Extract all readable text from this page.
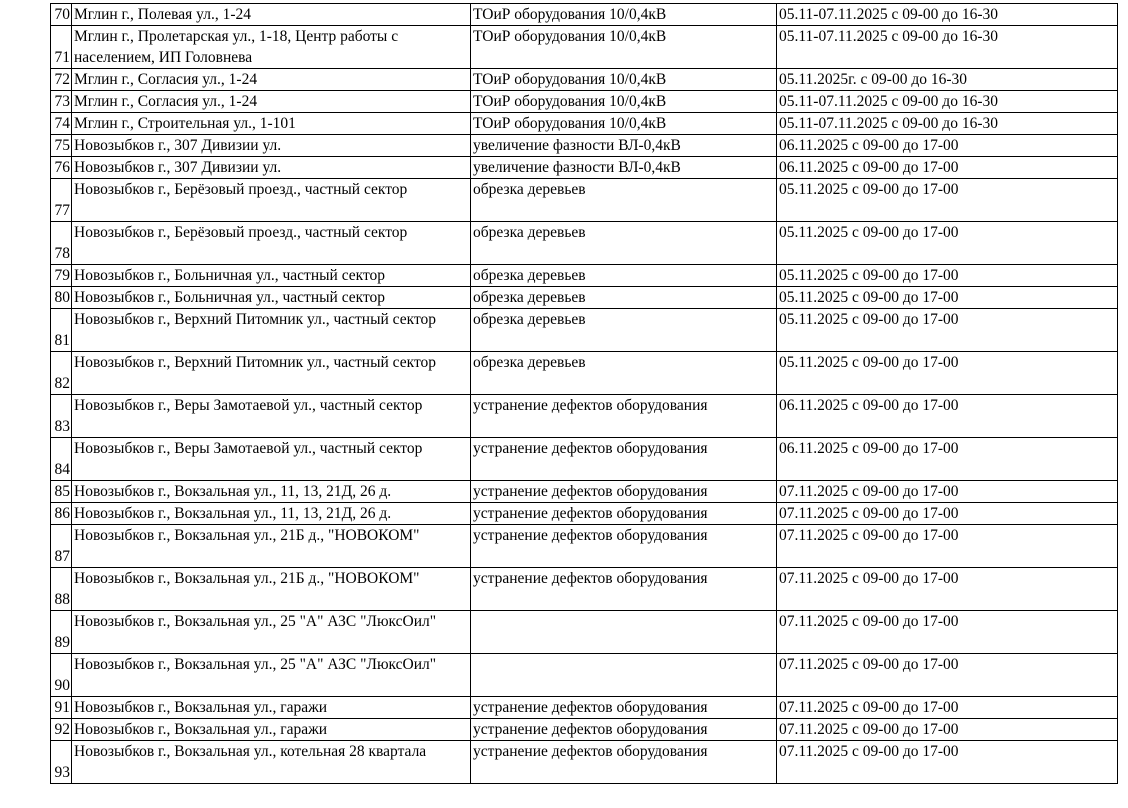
70	Мглин г., Полевая ул., 1-24	ТОиР оборудования 10/0,4кВ	05.11-07.11.2025 с 09-00 до 16-30
71	Мглин г., Пролетарская ул., 1-18, Центр работы с населением, ИП Головнева	ТОиР оборудования 10/0,4кВ	05.11-07.11.2025 с 09-00 до 16-30
72	Мглин г., Согласия ул., 1-24	ТОиР оборудования 10/0,4кВ	05.11.2025г. с 09-00 до 16-30
73	Мглин г., Согласия ул., 1-24	ТОиР оборудования 10/0,4кВ	05.11-07.11.2025 с 09-00 до 16-30
74	Мглин г., Строительная ул., 1-101	ТОиР оборудования 10/0,4кВ	05.11-07.11.2025 с 09-00 до 16-30
75	Новозыбков г., 307 Дивизии ул.	увеличение фазности ВЛ-0,4кВ	06.11.2025 с 09-00 до 17-00
76	Новозыбков г., 307 Дивизии ул.	увеличение фазности ВЛ-0,4кВ	06.11.2025 с 09-00 до 17-00
77	Новозыбков г., Берёзовый проезд., частный сектор	обрезка деревьев	05.11.2025 с 09-00 до 17-00
78	Новозыбков г., Берёзовый проезд., частный сектор	обрезка деревьев	05.11.2025 с 09-00 до 17-00
79	Новозыбков г., Больничная ул., частный сектор	обрезка деревьев	05.11.2025 с 09-00 до 17-00
80	Новозыбков г., Больничная ул., частный сектор	обрезка деревьев	05.11.2025 с 09-00 до 17-00
81	Новозыбков г., Верхний Питомник ул., частный сектор	обрезка деревьев	05.11.2025 с 09-00 до 17-00
82	Новозыбков г., Верхний Питомник ул., частный сектор	обрезка деревьев	05.11.2025 с 09-00 до 17-00
83	Новозыбков г., Веры Замотаевой ул., частный сектор	устранение дефектов оборудования	06.11.2025 с 09-00 до 17-00
84	Новозыбков г., Веры Замотаевой ул., частный сектор	устранение дефектов оборудования	06.11.2025 с 09-00 до 17-00
85	Новозыбков г., Вокзальная ул., 11, 13, 21Д, 26 д.	устранение дефектов оборудования	07.11.2025 с 09-00 до 17-00
86	Новозыбков г., Вокзальная ул., 11, 13, 21Д, 26 д.	устранение дефектов оборудования	07.11.2025 с 09-00 до 17-00
87	Новозыбков г., Вокзальная ул., 21Б д., "НОВОКОМ"	устранение дефектов оборудования	07.11.2025 с 09-00 до 17-00
88	Новозыбков г., Вокзальная ул., 21Б д., "НОВОКОМ"	устранение дефектов оборудования	07.11.2025 с 09-00 до 17-00
89	Новозыбков г., Вокзальная ул., 25 "А" АЗС "ЛюксОил"		07.11.2025 с 09-00 до 17-00
90	Новозыбков г., Вокзальная ул., 25 "А" АЗС "ЛюксОил"		07.11.2025 с 09-00 до 17-00
91	Новозыбков г., Вокзальная ул., гаражи	устранение дефектов оборудования	07.11.2025 с 09-00 до 17-00
92	Новозыбков г., Вокзальная ул., гаражи	устранение дефектов оборудования	07.11.2025 с 09-00 до 17-00
93	Новозыбков г., Вокзальная ул., котельная 28 квартала	устранение дефектов оборудования	07.11.2025 с 09-00 до 17-00
